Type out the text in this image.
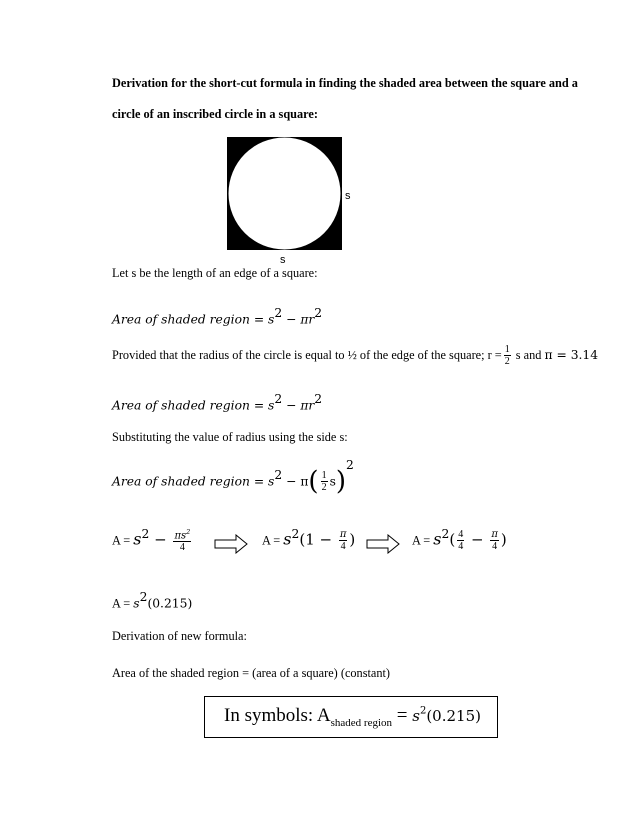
Derivation for the short-cut formula in finding the shaded area between the square and a
circle of an inscribed circle in a square:
s
s
Let s be the length of an edge of a square:
Area of shaded region = $s^2 - \pi r^2$
Provided that the radius of the circle is equal to ½ of the edge of the square; $r = \frac{1}{2}$ s and π = 3.14
Area of shaded region = $s^2 - \pi r^2$
Substituting the value of radius using the side s:
Area of shaded region = $s^2 - \pi( \frac{1}{2} s)^2$
$A = s^2 - \frac{\pi s^2}{4}$	$A = s^2(1 - \frac{\pi}{4}$ )	$A = s^2( \frac{4}{4} - \frac{\pi}{4}$ )
$A = s^2(0.215)$
Derivation of new formula:
Area of the shaded region = (area of a square) (constant)
In symbols: $A_{shaded region} = s^2(0.215)$
